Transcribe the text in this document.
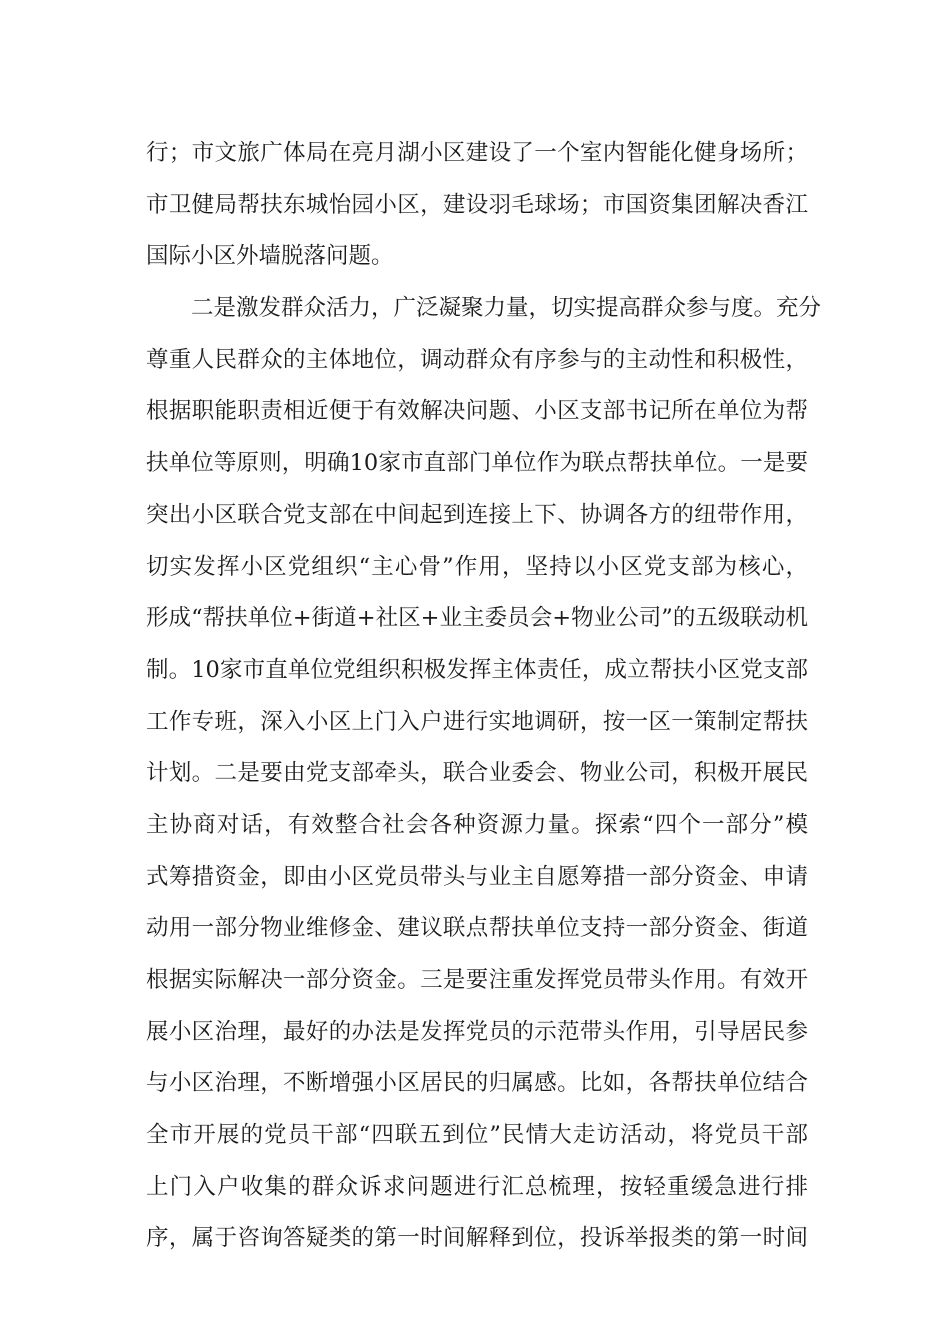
行；市文旅广体局在亮月湖小区建设了一个室内智能化健身场所；
市卫健局帮扶东城怡园小区，建设羽毛球场；市国资集团解决香江
国际小区外墙脱落问题。
二是激发群众活力，广泛凝聚力量，切实提高群众参与度。充分
尊重人民群众的主体地位，调动群众有序参与的主动性和积极性，
根据职能职责相近便于有效解决问题、小区支部书记所在单位为帮
扶单位等原则，明确10家市直部门单位作为联点帮扶单位。一是要
突出小区联合党支部在中间起到连接上下、协调各方的纽带作用，
切实发挥小区党组织“主心骨”作用，坚持以小区党支部为核心，
形成“帮扶单位+街道+社区+业主委员会+物业公司”的五级联动机
制。10家市直单位党组织积极发挥主体责任，成立帮扶小区党支部
工作专班，深入小区上门入户进行实地调研，按一区一策制定帮扶
计划。二是要由党支部牵头，联合业委会、物业公司，积极开展民
主协商对话，有效整合社会各种资源力量。探索“四个一部分”模
式筹措资金，即由小区党员带头与业主自愿筹措一部分资金、申请
动用一部分物业维修金、建议联点帮扶单位支持一部分资金、街道
根据实际解决一部分资金。三是要注重发挥党员带头作用。有效开
展小区治理，最好的办法是发挥党员的示范带头作用，引导居民参
与小区治理，不断增强小区居民的归属感。比如，各帮扶单位结合
全市开展的党员干部“四联五到位”民情大走访活动，将党员干部
上门入户收集的群众诉求问题进行汇总梳理，按轻重缓急进行排
序，属于咨询答疑类的第一时间解释到位，投诉举报类的第一时间
